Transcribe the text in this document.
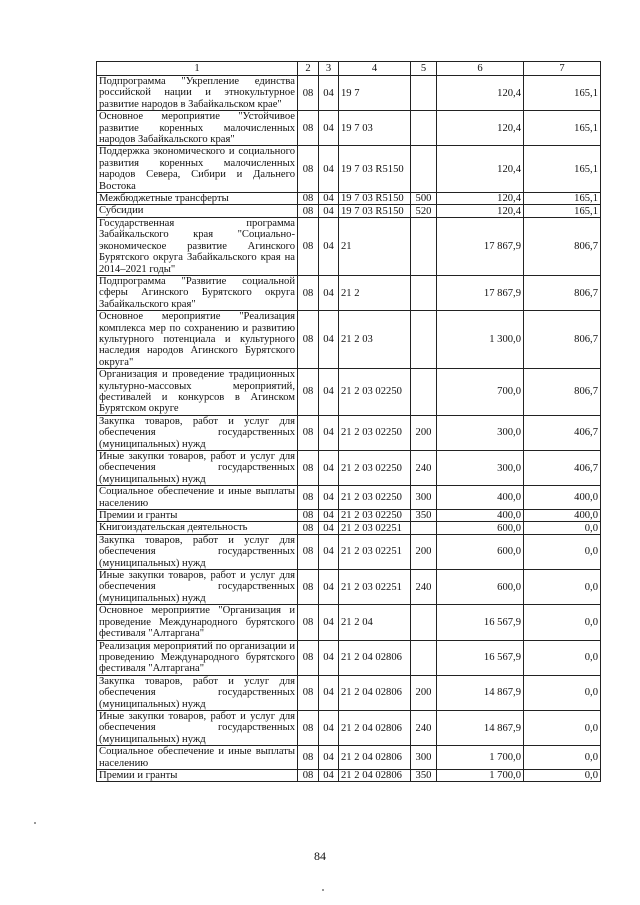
1	2	3	4	5	6	7
Подпрограмма "Укрепление единства российской нации и этнокультурное развитие народов в Забайкальском крае"	08	04	19 7		120,4	165,1
Основное мероприятие "Устойчивое развитие коренных малочисленных народов Забайкальского края"	08	04	19 7 03		120,4	165,1
Поддержка экономического и социального развития коренных малочисленных народов Севера, Сибири и Дальнего Востока	08	04	19 7 03 R5150		120,4	165,1
Межбюджетные трансферты	08	04	19 7 03 R5150	500	120,4	165,1
Субсидии	08	04	19 7 03 R5150	520	120,4	165,1
Государственная программа Забайкальского края "Социально-экономическое развитие Агинского Бурятского округа Забайкальского края на 2014–2021 годы"	08	04	21		17 867,9	806,7
Подпрограмма "Развитие социальной сферы Агинского Бурятского округа Забайкальского края"	08	04	21 2		17 867,9	806,7
Основное мероприятие "Реализация комплекса мер по сохранению и развитию культурного потенциала и культурного наследия народов Агинского Бурятского округа"	08	04	21 2 03		1 300,0	806,7
Организация и проведение традиционных культурно-массовых мероприятий, фестивалей и конкурсов в Агинском Бурятском округе	08	04	21 2 03 02250		700,0	806,7
Закупка товаров, работ и услуг для обеспечения государственных (муниципальных) нужд	08	04	21 2 03 02250	200	300,0	406,7
Иные закупки товаров, работ и услуг для обеспечения государственных (муниципальных) нужд	08	04	21 2 03 02250	240	300,0	406,7
Социальное обеспечение и иные выплаты населению	08	04	21 2 03 02250	300	400,0	400,0
Премии и гранты	08	04	21 2 03 02250	350	400,0	400,0
Книгоиздательская деятельность	08	04	21 2 03 02251		600,0	0,0
Закупка товаров, работ и услуг для обеспечения государственных (муниципальных) нужд	08	04	21 2 03 02251	200	600,0	0,0
Иные закупки товаров, работ и услуг для обеспечения государственных (муниципальных) нужд	08	04	21 2 03 02251	240	600,0	0,0
Основное мероприятие "Организация и проведение Международного бурятского фестиваля "Алтаргана"	08	04	21 2 04		16 567,9	0,0
Реализация мероприятий по организации и проведению Международного бурятского фестиваля "Алтаргана"	08	04	21 2 04 02806		16 567,9	0,0
Закупка товаров, работ и услуг для обеспечения государственных (муниципальных) нужд	08	04	21 2 04 02806	200	14 867,9	0,0
Иные закупки товаров, работ и услуг для обеспечения государственных (муниципальных) нужд	08	04	21 2 04 02806	240	14 867,9	0,0
Социальное обеспечение и иные выплаты населению	08	04	21 2 04 02806	300	1 700,0	0,0
Премии и гранты	08	04	21 2 04 02806	350	1 700,0	0,0
84
